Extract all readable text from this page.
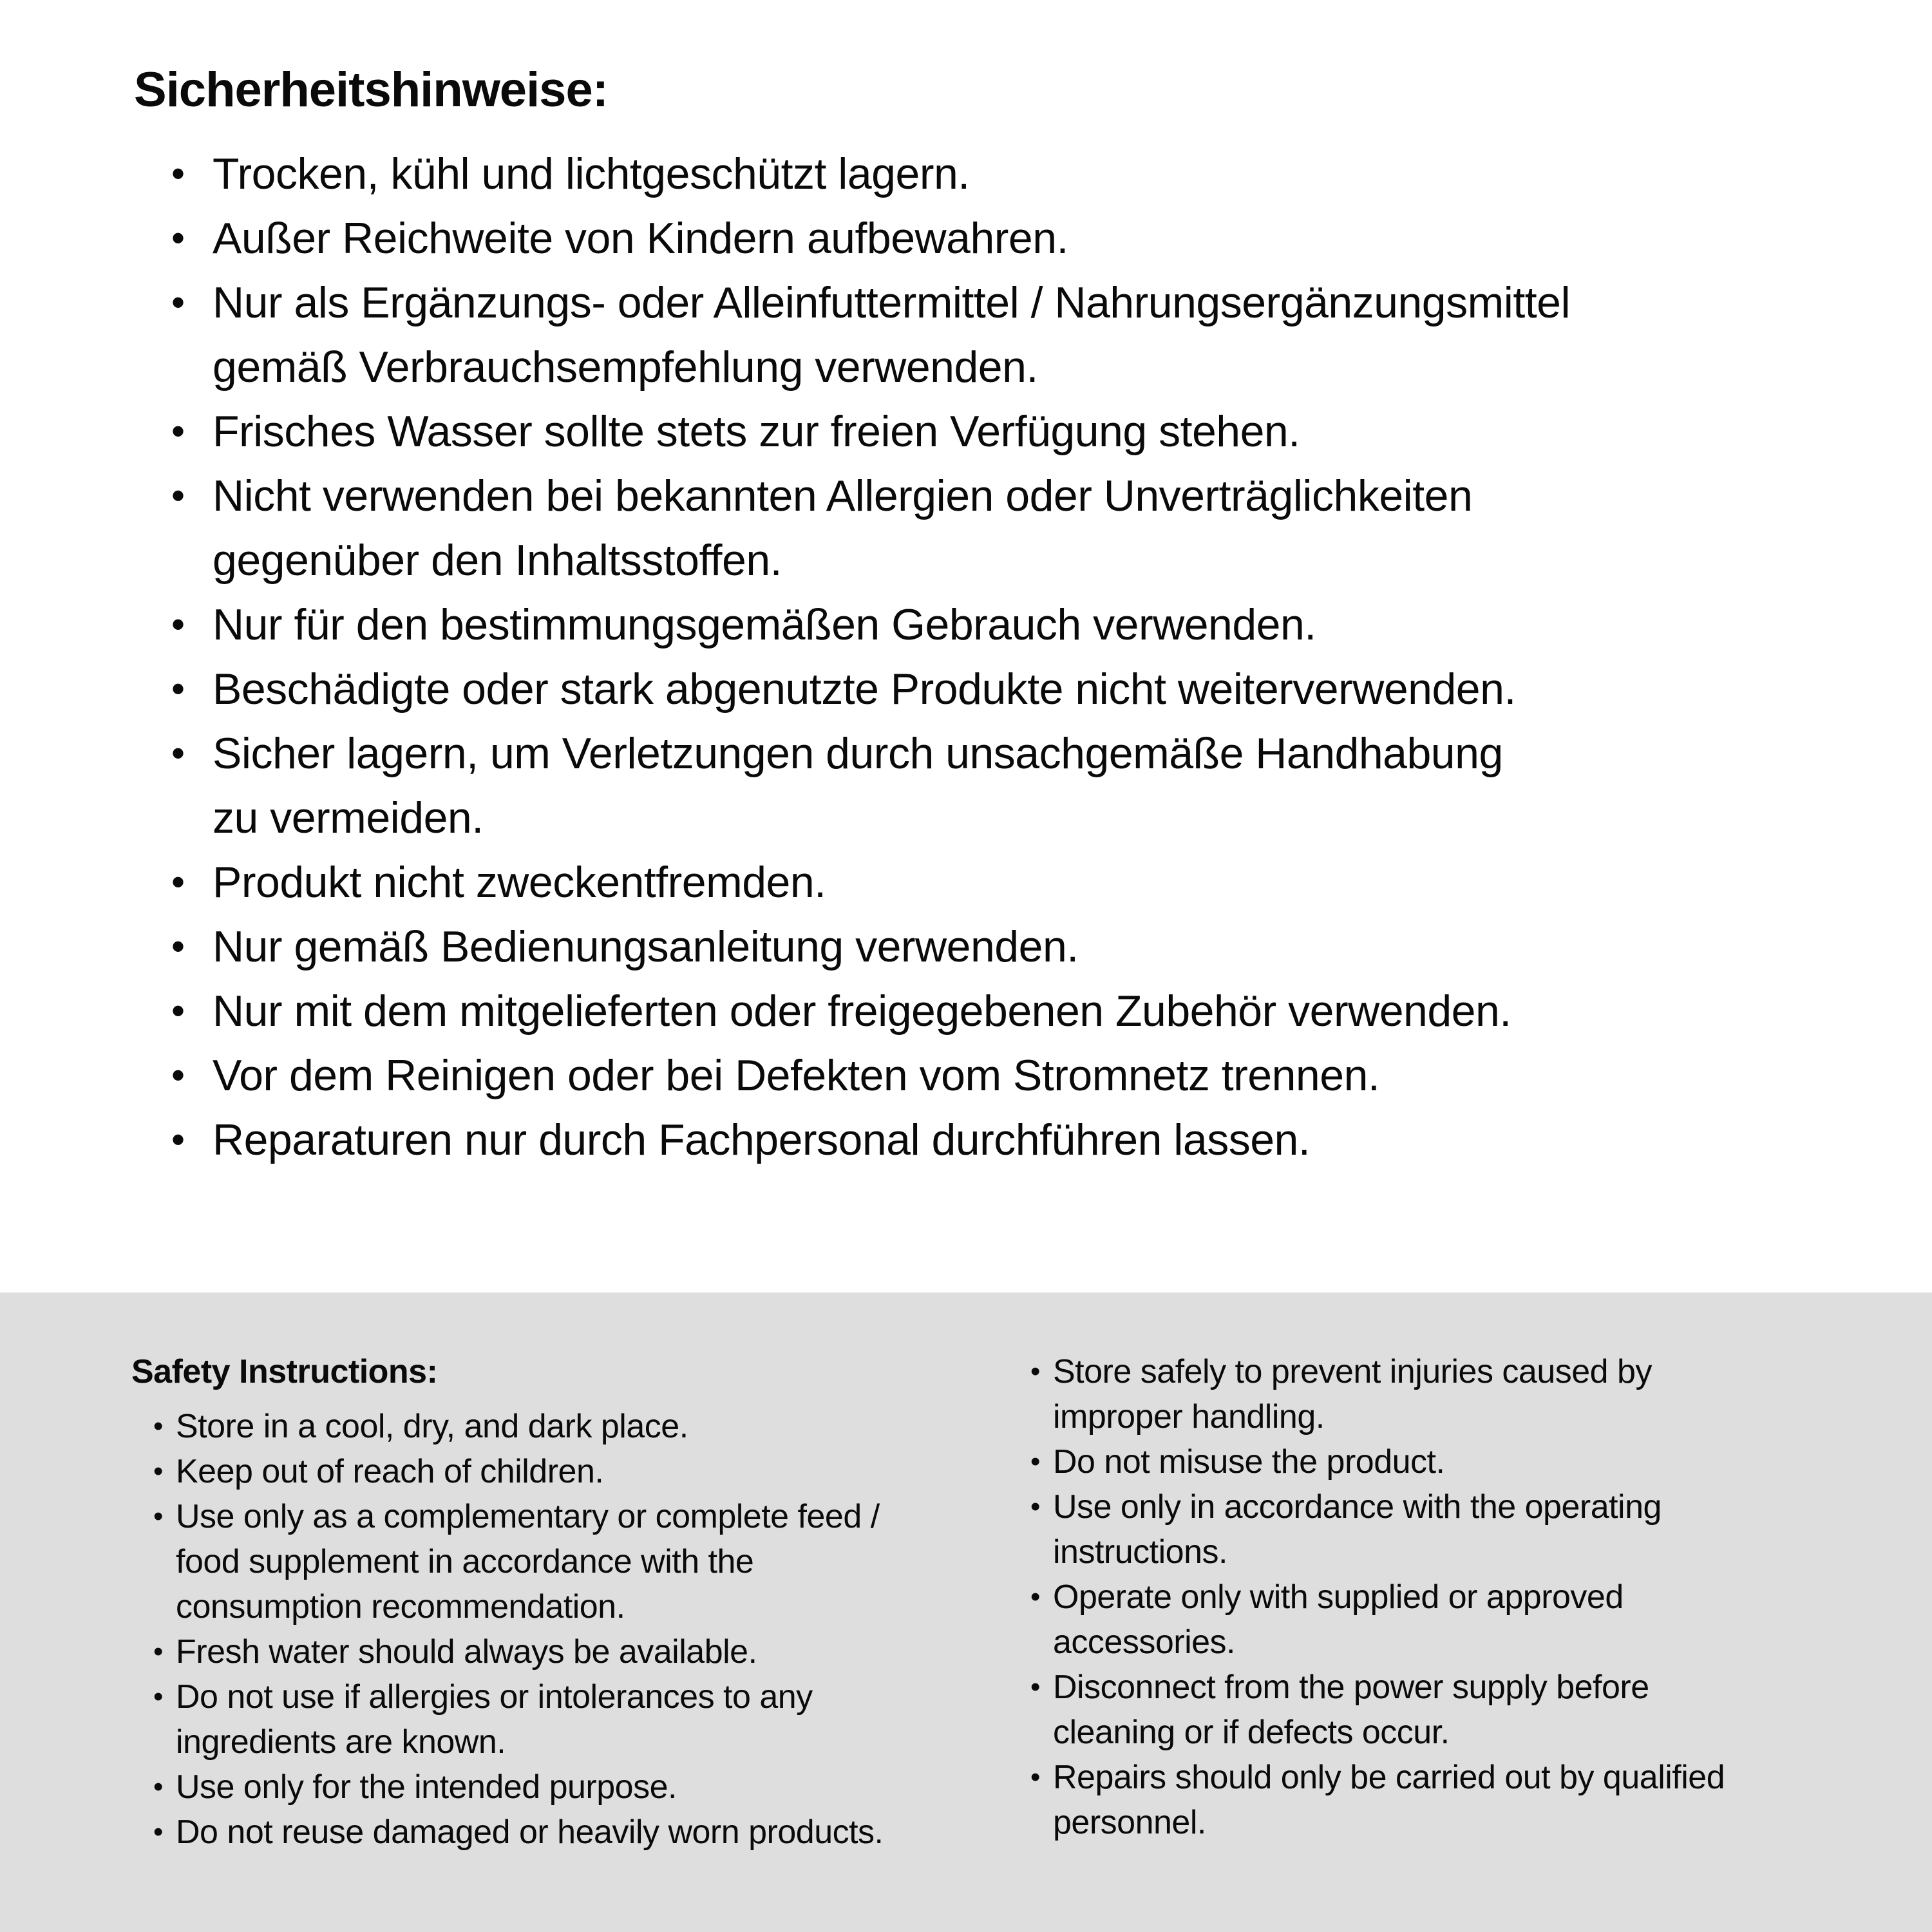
Sicherheitshinweise:
• Trocken, kühl und lichtgeschützt lagern.
• Außer Reichweite von Kindern aufbewahren.
• Nur als Ergänzungs- oder Alleinfuttermittel / Nahrungsergänzungsmittel
gemäß Verbrauchsempfehlung verwenden.
• Frisches Wasser sollte stets zur freien Verfügung stehen.
• Nicht verwenden bei bekannten Allergien oder Unverträglichkeiten
gegenüber den Inhaltsstoffen.
• Nur für den bestimmungsgemäßen Gebrauch verwenden.
• Beschädigte oder stark abgenutzte Produkte nicht weiterverwenden.
• Sicher lagern, um Verletzungen durch unsachgemäße Handhabung
zu vermeiden.
• Produkt nicht zweckentfremden.
• Nur gemäß Bedienungsanleitung verwenden.
• Nur mit dem mitgelieferten oder freigegebenen Zubehör verwenden.
• Vor dem Reinigen oder bei Defekten vom Stromnetz trennen.
• Reparaturen nur durch Fachpersonal durchführen lassen.
Safety Instructions:
• Store in a cool, dry, and dark place.
• Keep out of reach of children.
• Use only as a complementary or complete feed /
food supplement in accordance with the
consumption recommendation.
• Fresh water should always be available.
• Do not use if allergies or intolerances to any
ingredients are known.
• Use only for the intended purpose.
• Do not reuse damaged or heavily worn products.
• Store safely to prevent injuries caused by
improper handling.
• Do not misuse the product.
• Use only in accordance with the operating
instructions.
• Operate only with supplied or approved
accessories.
• Disconnect from the power supply before
cleaning or if defects occur.
• Repairs should only be carried out by qualified
personnel.
